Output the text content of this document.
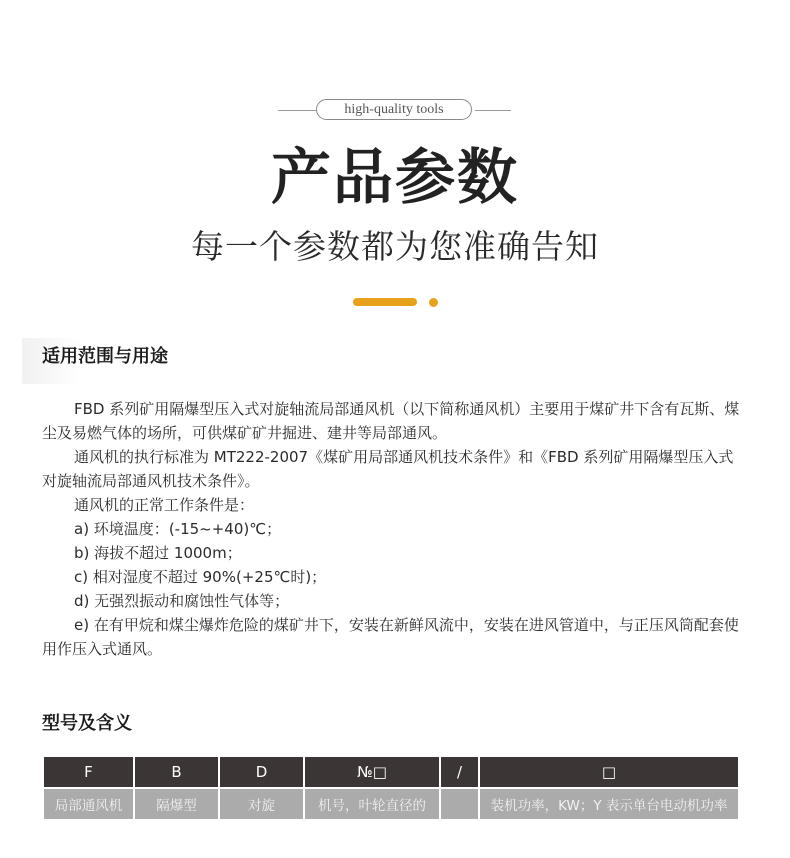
high-quality tools
产品参数
每一个参数都为您准确告知
适用范围与用途

FBD 系列矿用隔爆型压入式对旋轴流局部通风机（以下简称通风机）主要用于煤矿井下含有瓦斯、煤尘及易燃气体的场所，可供煤矿矿井掘进、建井等局部通风。

通风机的执行标准为 MT222-2007《煤矿用局部通风机技术条件》和《FBD 系列矿用隔爆型压入式对旋轴流局部通风机技术条件》。

通风机的正常工作条件是：

a) 环境温度：(-15~+40)℃；

b) 海拔不超过 1000m；

c) 相对湿度不超过 90%(+25℃时)；

d) 无强烈振动和腐蚀性气体等；

e) 在有甲烷和煤尘爆炸危险的煤矿井下，安装在新鲜风流中，安装在进风管道中，与正压风筒配套使用作压入式通风。

型号及含义
F	B	D	№□	/	□
局部通风机	隔爆型	对旋	机号，叶轮直径的		装机功率，KW；Y 表示单台电动机功率
